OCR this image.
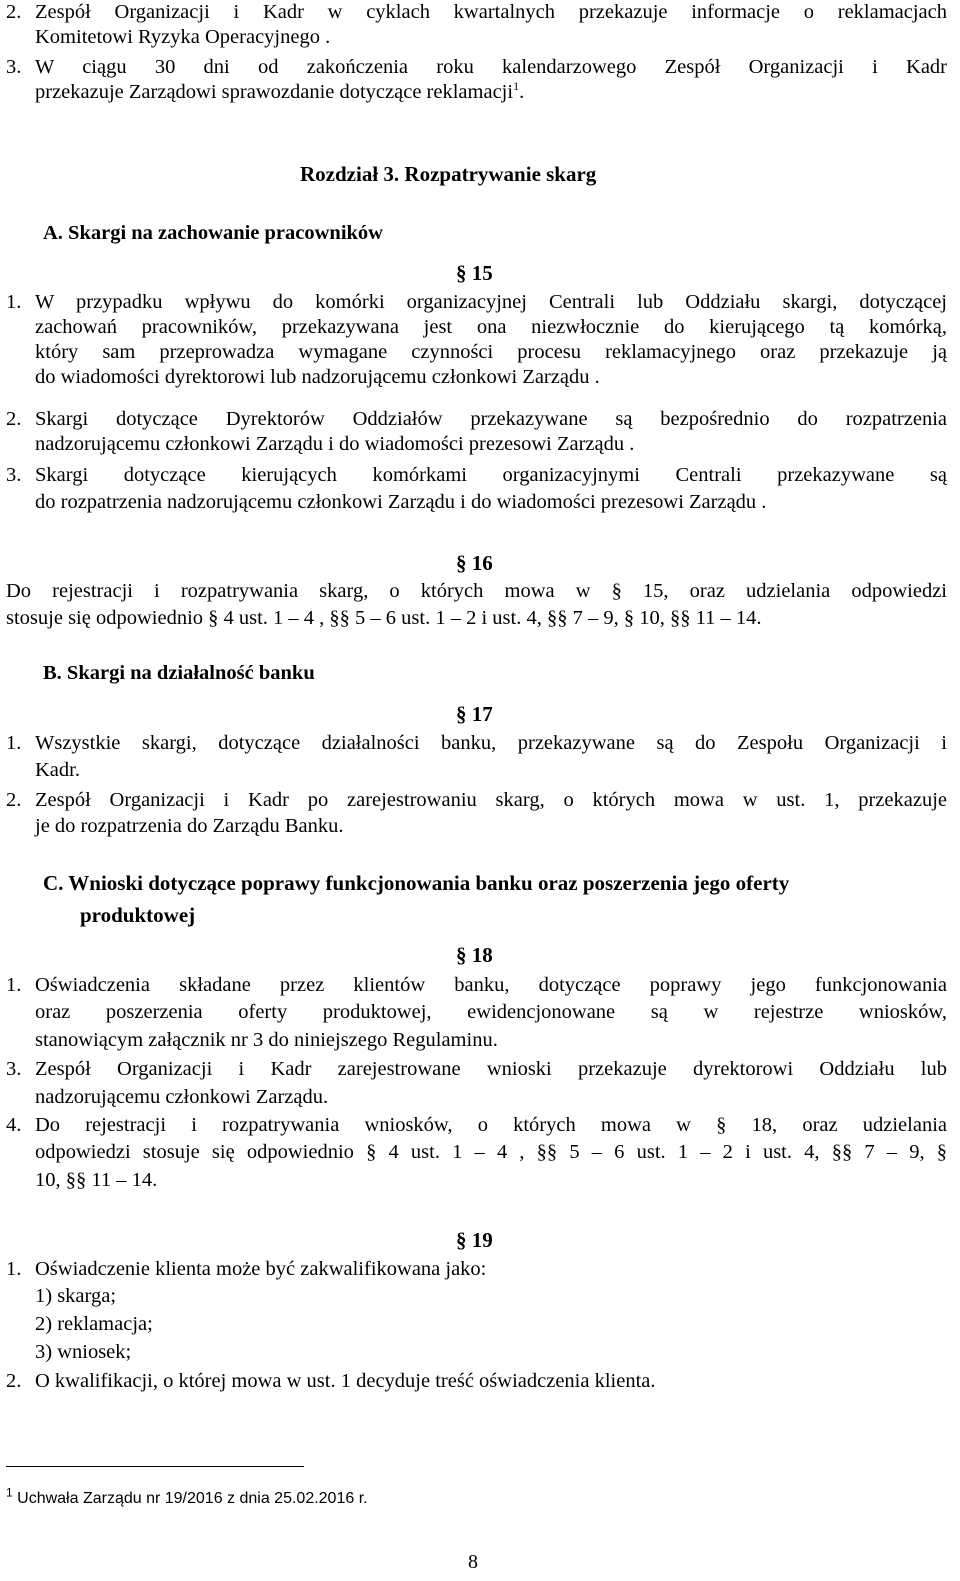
2. Zespół Organizacji i Kadr w cyklach kwartalnych przekazuje informacje o reklamacjach
Komitetowi Ryzyka Operacyjnego .
3. W ciągu 30 dni od zakończenia roku kalendarzowego Zespół Organizacji i Kadr
przekazuje Zarządowi sprawozdanie dotyczące reklamacji$^1$.
Rozdział 3. Rozpatrywanie skarg
A. Skargi na zachowanie pracowników
§ 15
1. W przypadku wpływu do komórki organizacyjnej Centrali lub Oddziału skargi, dotyczącej
zachowań pracowników, przekazywana jest ona niezwłocznie do kierującego tą komórką,
który sam przeprowadza wymagane czynności procesu reklamacyjnego oraz przekazuje ją
do wiadomości dyrektorowi lub nadzorującemu członkowi Zarządu .
2. Skargi dotyczące Dyrektorów Oddziałów przekazywane są bezpośrednio do rozpatrzenia
nadzorującemu członkowi Zarządu i do wiadomości prezesowi Zarządu .
3. Skargi dotyczące kierujących komórkami organizacyjnymi Centrali przekazywane są
do rozpatrzenia nadzorującemu członkowi Zarządu i do wiadomości prezesowi Zarządu .
§ 16
Do rejestracji i rozpatrywania skarg, o których mowa w § 15, oraz udzielania odpowiedzi
stosuje się odpowiednio § 4 ust. 1 – 4 , §§ 5 – 6 ust. 1 – 2 i ust. 4, §§ 7 – 9, § 10, §§ 11 – 14.
B. Skargi na działalność banku
§ 17
1. Wszystkie skargi, dotyczące działalności banku, przekazywane są do Zespołu Organizacji i
Kadr.
2. Zespół Organizacji i Kadr po zarejestrowaniu skarg, o których mowa w ust. 1, przekazuje
je do rozpatrzenia do Zarządu Banku.
C. Wnioski dotyczące poprawy funkcjonowania banku oraz poszerzenia jego oferty
produktowej
§ 18
1. Oświadczenia składane przez klientów banku, dotyczące poprawy jego funkcjonowania
oraz poszerzenia oferty produktowej, ewidencjonowane są w rejestrze wniosków,
stanowiącym załącznik nr 3 do niniejszego Regulaminu.
3. Zespół Organizacji i Kadr zarejestrowane wnioski przekazuje dyrektorowi Oddziału lub
nadzorującemu członkowi Zarządu.
4. Do rejestracji i rozpatrywania wniosków, o których mowa w § 18, oraz udzielania
odpowiedzi stosuje się odpowiednio § 4 ust. 1 – 4 , §§ 5 – 6 ust. 1 – 2 i ust. 4, §§ 7 – 9, §
10, §§ 11 – 14.
§ 19
1. Oświadczenie klienta może być zakwalifikowana jako:
1) skarga;
2) reklamacja;
3) wniosek;
2. O kwalifikacji, o której mowa w ust. 1 decyduje treść oświadczenia klienta.
$^1$ Uchwała Zarządu nr 19/2016 z dnia 25.02.2016 r.
8
